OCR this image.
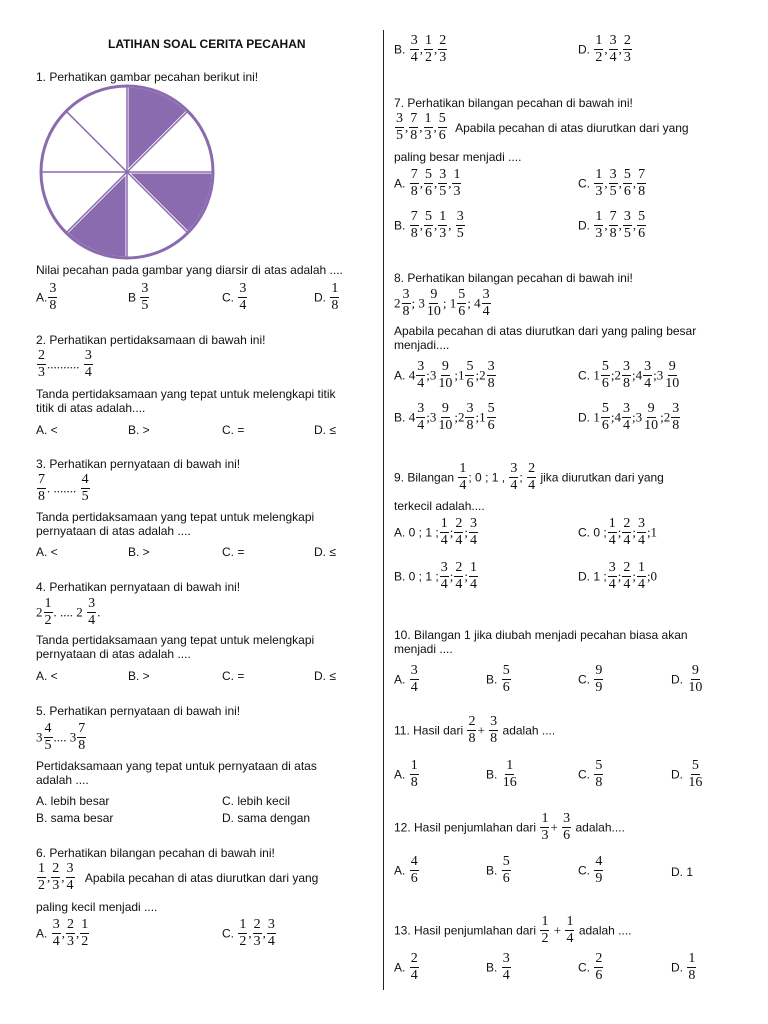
LATIHAN SOAL CERITA PECAHAN
1. Perhatikan gambar pecahan berikut ini!
Nilai pecahan pada gambar yang diarsir di atas adalah ....
A. $\frac{3}{8}$	B $\frac{3}{5}$	C. $\frac{3}{4}$	D. $\frac{1}{8}$
2. Perhatikan pertidaksamaan di bawah ini!
$\frac{2}{3}$ .......... $\frac{3}{4}$
Tanda pertidaksamaan yang tepat untuk melengkapi titik
titik di atas adalah....
A. <	B. >	C. =	D. ≤
3. Perhatikan pernyataan di bawah ini!
$\frac{7}{8}$ . ....... $\frac{4}{5}$
Tanda pertidaksamaan yang tepat untuk melengkapi
pernyataan di atas adalah ....
A. <	B. >	C. =	D. ≤
4. Perhatikan pernyataan di bawah ini!
$2 \frac{1}{2}$ . .... $2 \frac{3}{4}$ .
Tanda pertidaksamaan yang tepat untuk melengkapi
pernyataan di atas adalah ....
A. <	B. >	C. =	D. ≤
5. Perhatikan pernyataan di bawah ini!
$3 \frac{4}{5}$ .... $3 \frac{7}{8}$
Pertidaksamaan yang tepat untuk pernyataan di atas
adalah ....
A. lebih besar	C. lebih kecil
B. sama besar	D. sama dengan
6. Perhatikan bilangan pecahan di bawah ini!
$\frac{1}{2}$ , $\frac{2}{3}$ , $\frac{3}{4}$ Apabila pecahan di atas diurutkan dari yang
paling kecil menjadi ....
A. $\frac{3}{4}$ , $\frac{2}{3}$ , $\frac{1}{2}$	C. $\frac{1}{2}$ , $\frac{2}{3}$ , $\frac{3}{4}$
B. $\frac{3}{4}$ , $\frac{1}{2}$ , $\frac{2}{3}$	D. $\frac{1}{2}$ , $\frac{3}{4}$ , $\frac{2}{3}$
7. Perhatikan bilangan pecahan di bawah ini!
$\frac{3}{5}$ , $\frac{7}{8}$ , $\frac{1}{3}$ , $\frac{5}{6}$ Apabila pecahan di atas diurutkan dari yang
paling besar menjadi ....
A. $\frac{7}{8}$ , $\frac{5}{6}$ , $\frac{3}{5}$ , $\frac{1}{3}$	C. $\frac{1}{3}$ , $\frac{3}{5}$ , $\frac{5}{6}$ , $\frac{7}{8}$
B. $\frac{7}{8}$ , $\frac{5}{6}$ , $\frac{1}{3}$ , $\frac{3}{5}$	D. $\frac{1}{3}$ , $\frac{7}{8}$ , $\frac{3}{5}$ , $\frac{5}{6}$
8. Perhatikan bilangan pecahan di bawah ini!
$2 \frac{3}{8}$ ; $3 \frac{9}{10}$ ; $1 \frac{5}{6}$ ; $4 \frac{3}{4}$
Apabila pecahan di atas diurutkan dari yang paling besar
menjadi....
A. $4 \frac{3}{4}$ ;3 $\frac{9}{10}$ ;1 $\frac{5}{6}$ ;2 $\frac{3}{8}$	C. $1 \frac{5}{6}$ ;2 $\frac{3}{8}$ ;4 $\frac{3}{4}$ ;3 $\frac{9}{10}$
B. $4 \frac{3}{4}$ ;3 $\frac{9}{10}$ ;2 $\frac{3}{8}$ ;1 $\frac{5}{6}$	D. $1 \frac{5}{6}$ ;4 $\frac{3}{4}$ ;3 $\frac{9}{10}$ ;2 $\frac{3}{8}$
9. Bilangan $\frac{1}{4}$ ; 0 ; 1 , $\frac{3}{4}$ ; $\frac{2}{4}$ jika diurutkan dari yang
terkecil adalah....
A. 0 ; 1 ; $\frac{1}{4}$ ; $\frac{2}{4}$ ; $\frac{3}{4}$	C. 0 ; $\frac{1}{4}$ ; $\frac{2}{4}$ ; $\frac{3}{4}$ ;1
B. 0 ; 1 ; $\frac{3}{4}$ ; $\frac{2}{4}$ ; $\frac{1}{4}$	D. 1 ; $\frac{3}{4}$ ; $\frac{2}{4}$ ; $\frac{1}{4}$ ;0
10. Bilangan 1 jika diubah menjadi pecahan biasa akan
menjadi ....
A. $\frac{3}{4}$	B. $\frac{5}{6}$	C. $\frac{9}{9}$	D. $\frac{9}{10}$
11. Hasil dari $\frac{2}{8} + \frac{3}{8}$ adalah ....
A. $\frac{1}{8}$	B. $\frac{1}{16}$	C. $\frac{5}{8}$	D. $\frac{5}{16}$
12. Hasil penjumlahan dari $\frac{1}{3} + \frac{3}{6}$ adalah....
A. $\frac{4}{6}$	B. $\frac{5}{6}$	C. $\frac{4}{9}$	D. 1
13. Hasil penjumlahan dari $\frac{1}{2} + \frac{1}{4}$ adalah ....
A. $\frac{2}{4}$	B. $\frac{3}{4}$	C. $\frac{2}{6}$	D. $\frac{1}{8}$
